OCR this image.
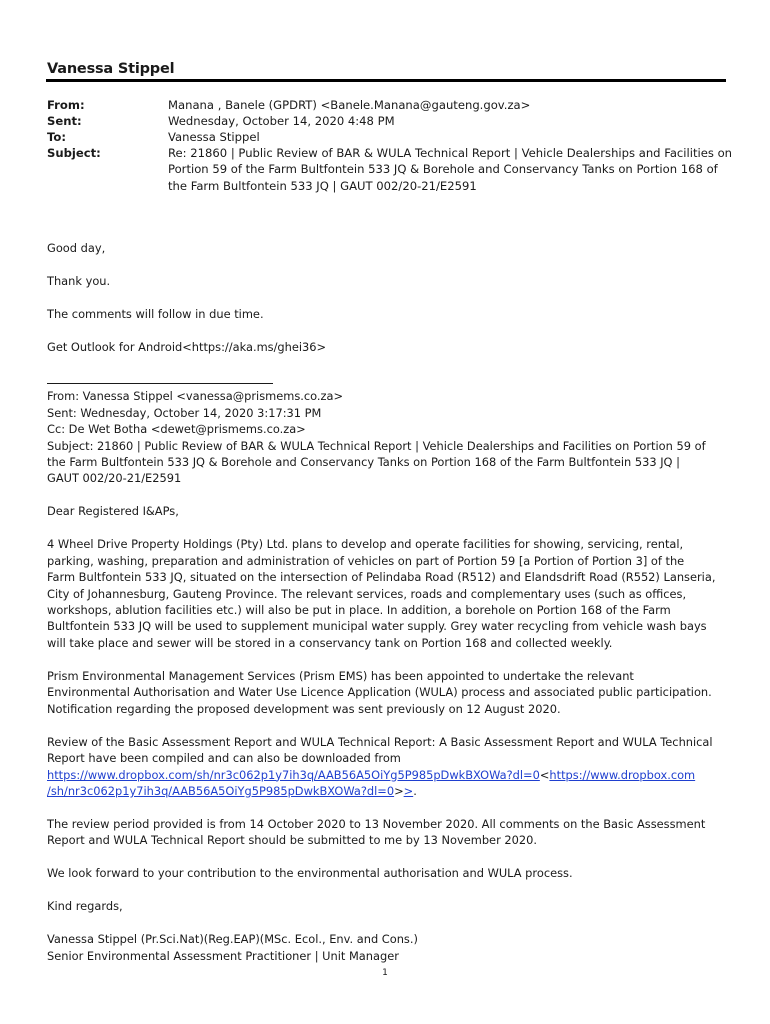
Vanessa Stippel
From:	Manana , Banele (GPDRT) <Banele.Manana@gauteng.gov.za>
Sent:	Wednesday, October 14, 2020 4:48 PM
To:	Vanessa Stippel
Subject:	Re: 21860 | Public Review of BAR & WULA Technical Report | Vehicle Dealerships and Facilities on
Portion 59 of the Farm Bultfontein 533 JQ & Borehole and Conservancy Tanks on Portion 168 of
the Farm Bultfontein 533 JQ | GAUT 002/20-21/E2591

Good day,

Thank you.

The comments will follow in due time.

Get Outlook for Android<https://aka.ms/ghei36>

From: Vanessa Stippel <vanessa@prismems.co.za>

Sent: Wednesday, October 14, 2020 3:17:31 PM

Cc: De Wet Botha <dewet@prismems.co.za>

Subject: 21860 | Public Review of BAR & WULA Technical Report | Vehicle Dealerships and Facilities on Portion 59 of
the Farm Bultfontein 533 JQ & Borehole and Conservancy Tanks on Portion 168 of the Farm Bultfontein 533 JQ |
GAUT 002/20-21/E2591

Dear Registered I&APs,

4 Wheel Drive Property Holdings (Pty) Ltd. plans to develop and operate facilities for showing, servicing, rental,
parking, washing, preparation and administration of vehicles on part of Portion 59 [a Portion of Portion 3] of the
Farm Bultfontein 533 JQ, situated on the intersection of Pelindaba Road (R512) and Elandsdrift Road (R552) Lanseria,
City of Johannesburg, Gauteng Province. The relevant services, roads and complementary uses (such as offices,
workshops, ablution facilities etc.) will also be put in place. In addition, a borehole on Portion 168 of the Farm
Bultfontein 533 JQ will be used to supplement municipal water supply. Grey water recycling from vehicle wash bays
will take place and sewer will be stored in a conservancy tank on Portion 168 and collected weekly.

Prism Environmental Management Services (Prism EMS) has been appointed to undertake the relevant
Environmental Authorisation and Water Use Licence Application (WULA) process and associated public participation.
Notification regarding the proposed development was sent previously on 12 August 2020.

Review of the Basic Assessment Report and WULA Technical Report: A Basic Assessment Report and WULA Technical
Report have been compiled and can also be downloaded from
https://www.dropbox.com/sh/nr3c062p1y7ih3q/AAB56A5OiYg5P985pDwkBXOWa?dl=0<https://www.dropbox.com
/sh/nr3c062p1y7ih3q/AAB56A5OiYg5P985pDwkBXOWa?dl=0>>.

The review period provided is from 14 October 2020 to 13 November 2020. All comments on the Basic Assessment
Report and WULA Technical Report should be submitted to me by 13 November 2020.

We look forward to your contribution to the environmental authorisation and WULA process.

Kind regards,

Vanessa Stippel (Pr.Sci.Nat)(Reg.EAP)(MSc. Ecol., Env. and Cons.)

Senior Environmental Assessment Practitioner | Unit Manager

1
